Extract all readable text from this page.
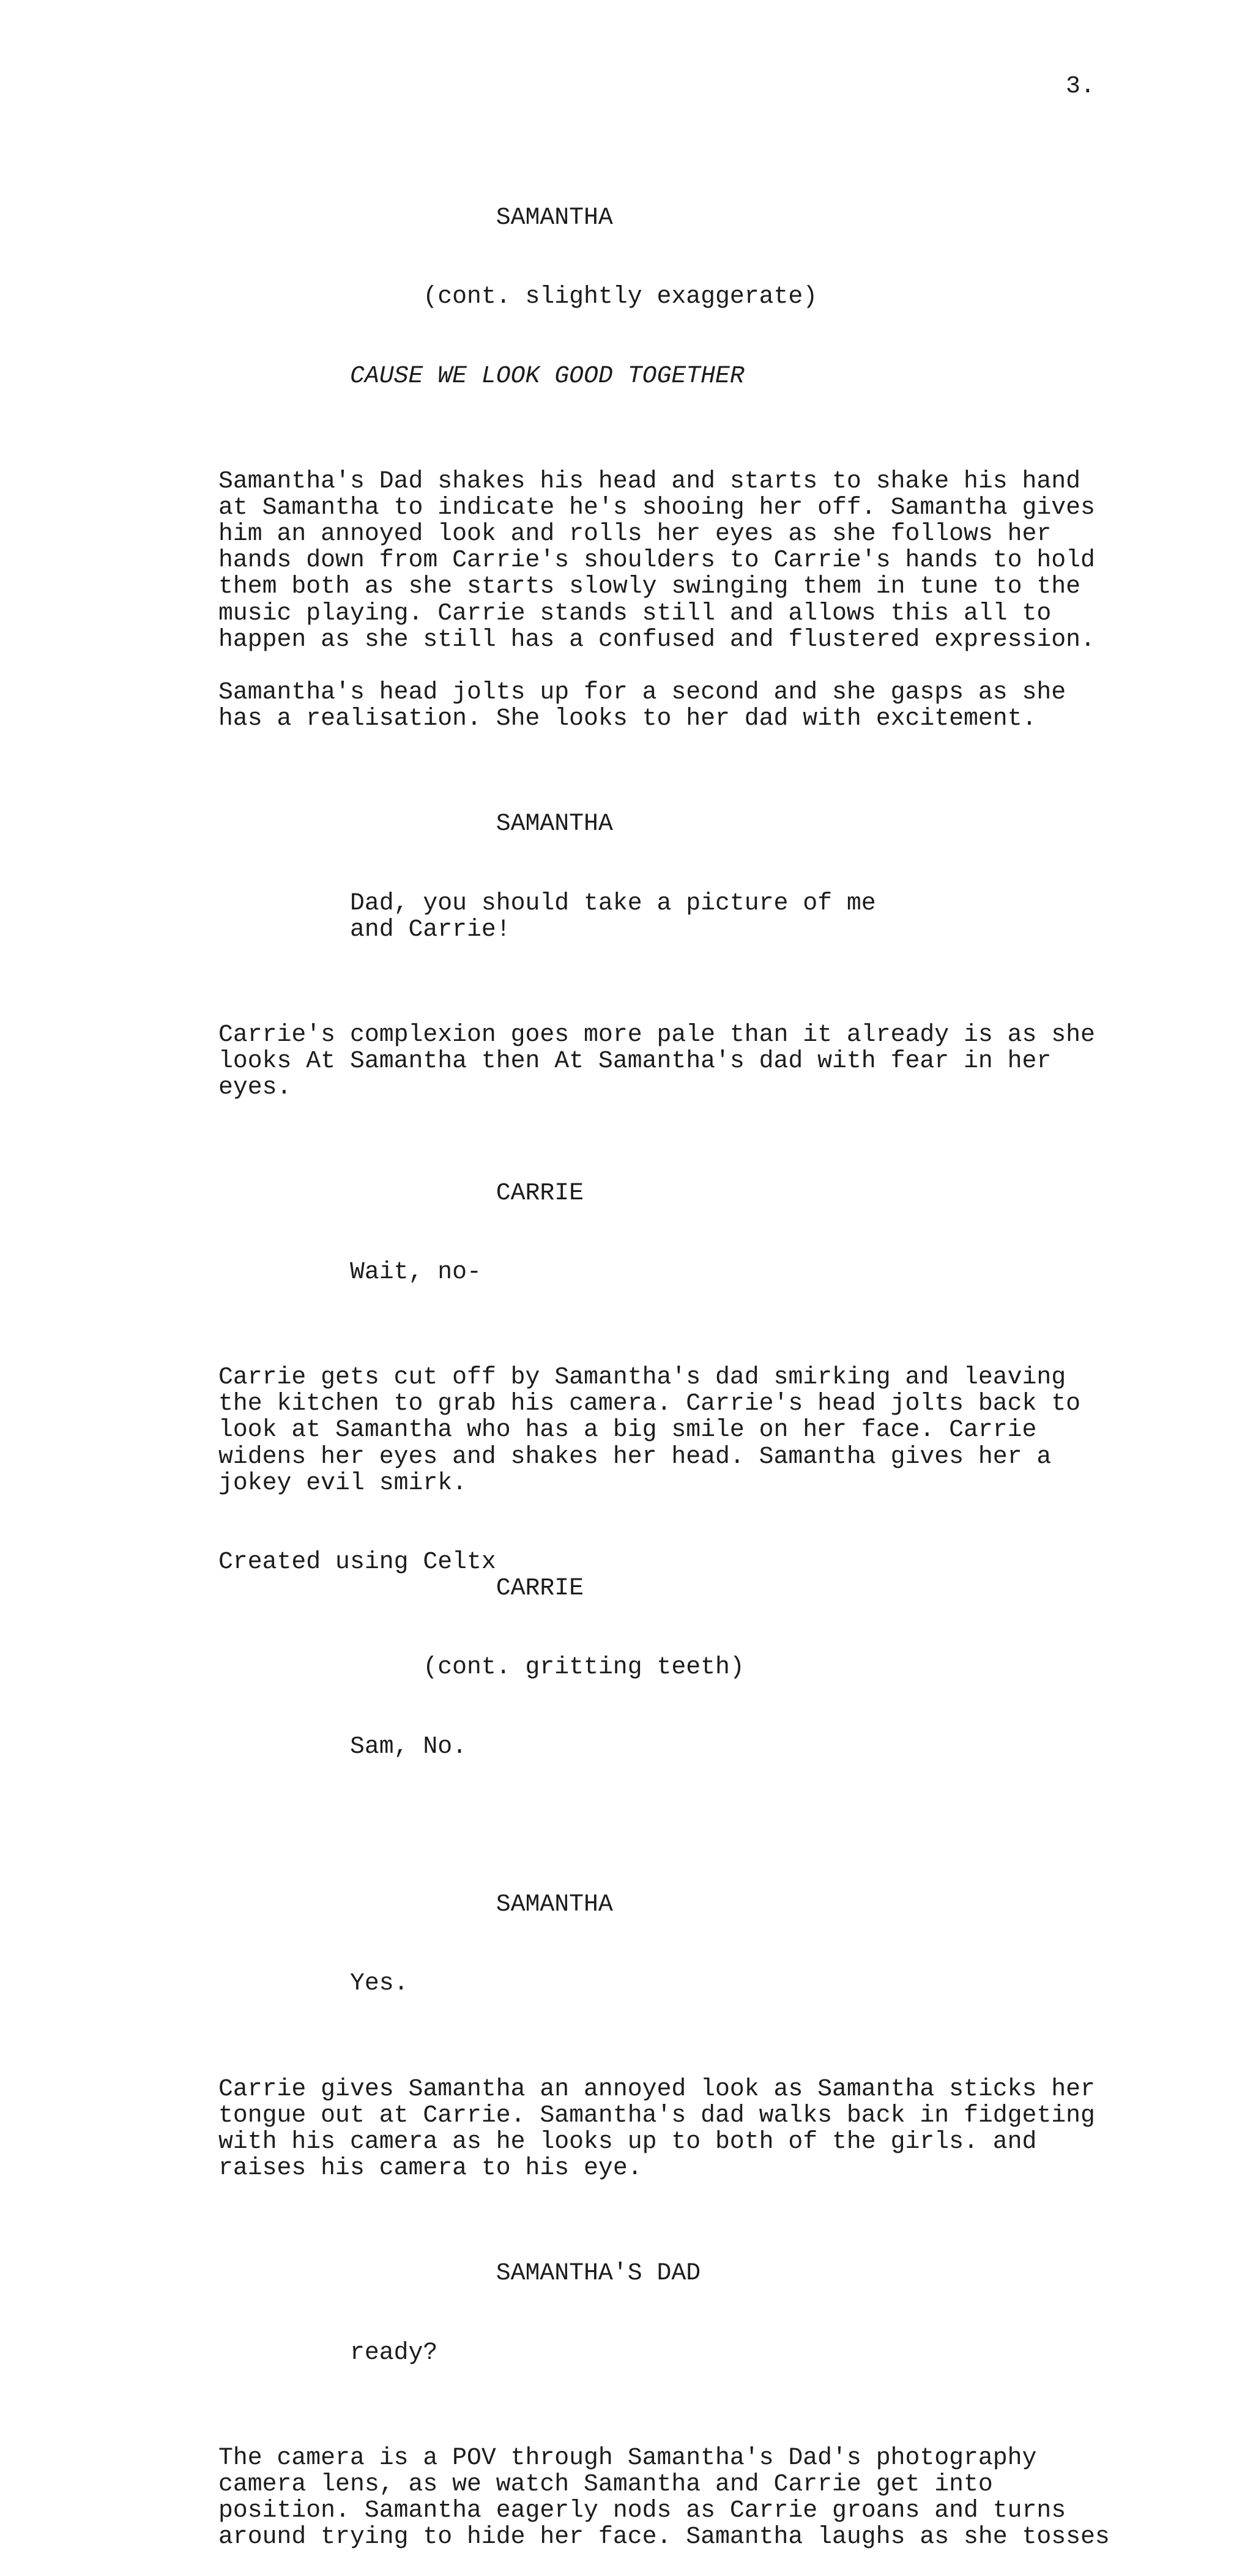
3.

SAMANTHA

(cont. slightly exaggerate)

CAUSE WE LOOK GOOD TOGETHER

Samantha's Dad shakes his head and starts to shake his hand
at Samantha to indicate he's shooing her off. Samantha gives
him an annoyed look and rolls her eyes as she follows her
hands down from Carrie's shoulders to Carrie's hands to hold
them both as she starts slowly swinging them in tune to the
music playing. Carrie stands still and allows this all to
happen as she still has a confused and flustered expression.
Samantha's head jolts up for a second and she gasps as she
has a realisation. She looks to her dad with excitement.

SAMANTHA

Dad, you should take a picture of me
and Carrie!

Carrie's complexion goes more pale than it already is as she
looks At Samantha then At Samantha's dad with fear in her
eyes.

CARRIE

Wait, no-

Carrie gets cut off by Samantha's dad smirking and leaving
the kitchen to grab his camera. Carrie's head jolts back to
look at Samantha who has a big smile on her face. Carrie
widens her eyes and shakes her head. Samantha gives her a
jokey evil smirk.

CARRIE

(cont. gritting teeth)

Sam, No.

SAMANTHA

Yes.

Carrie gives Samantha an annoyed look as Samantha sticks her
tongue out at Carrie. Samantha's dad walks back in fidgeting
with his camera as he looks up to both of the girls. and
raises his camera to his eye.

SAMANTHA'S DAD

ready?

The camera is a POV through Samantha's Dad's photography
camera lens, as we watch Samantha and Carrie get into
position. Samantha eagerly nods as Carrie groans and turns
around trying to hide her face. Samantha laughs as she tosses
Created using Celtx
